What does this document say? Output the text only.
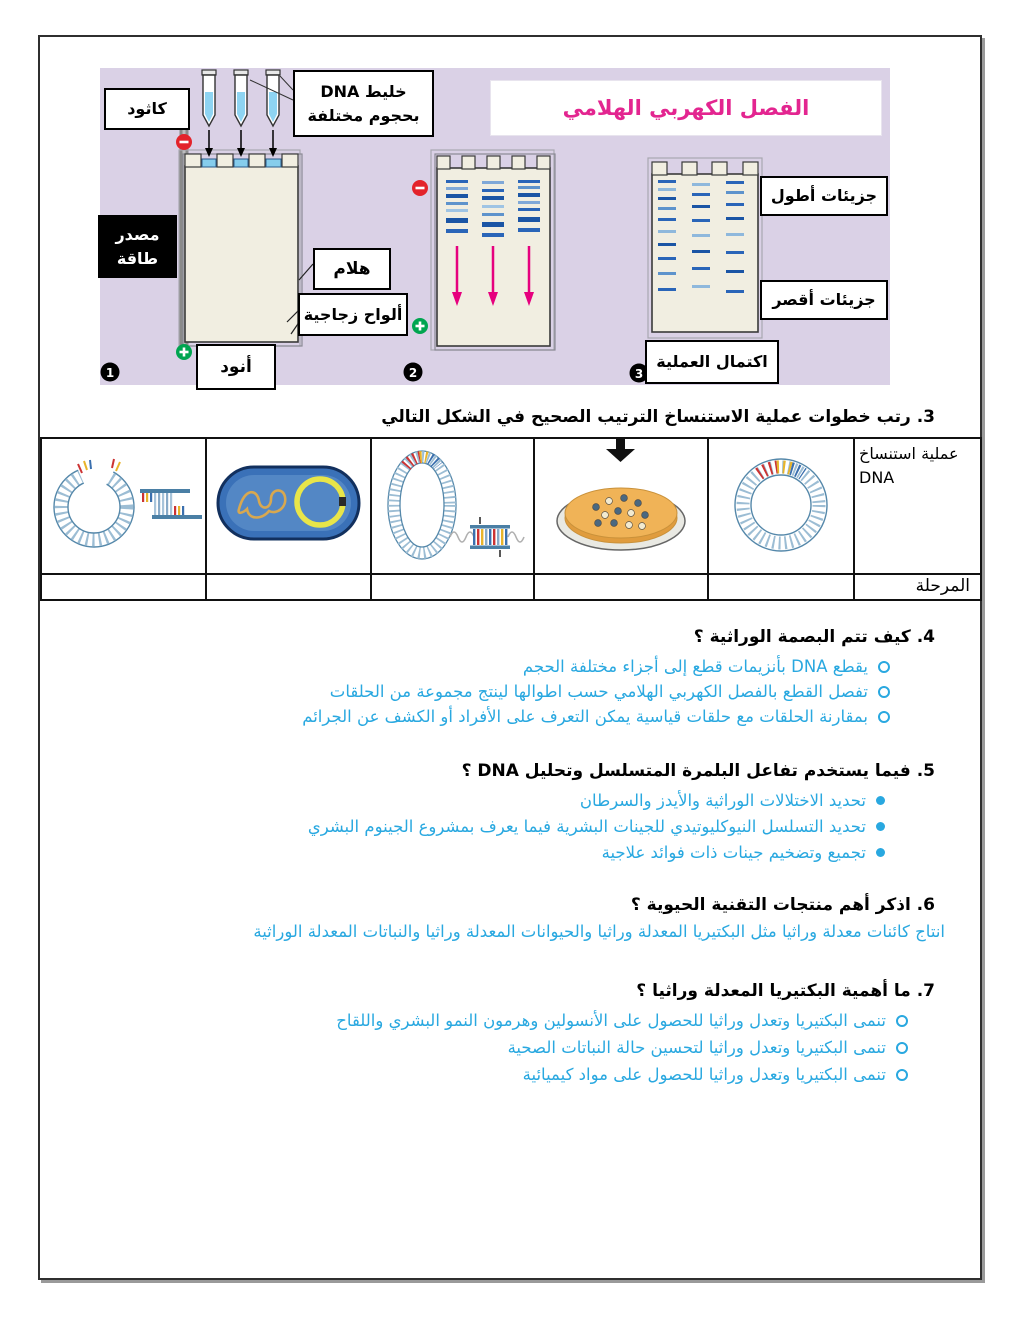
1	2	3
الفصل الكهربي الهلامي
كاثود
خليط DNA
بحجوم مختلفة
مصدر
طاقة
هلام
ألواح زجاجية
أنود
جزيئات أطول
جزيئات أقصر
اكتمال العملية
3. رتب خطوات عملية الاستنساخ الترتيب الصحيح في الشكل التالي
عملية استنساخ DNA

المرحلة					

4. كيف تتم البصمة الوراثية ؟
يقطع DNA بأنزيمات قطع إلى أجزاء مختلفة الحجم
تفصل القطع بالفصل الكهربي الهلامي حسب اطوالها لينتج مجموعة من الحلقات
بمقارنة الحلقات مع حلقات قياسية يمكن التعرف على الأفراد أو الكشف عن الجرائم
5. فيما يستخدم تفاعل البلمرة المتسلسل وتحليل DNA ؟
تحديد الاختلالات الوراثية والأيدز والسرطان
تحديد التسلسل النيوكليوتيدي للجينات البشرية فيما يعرف بمشروع الجينوم البشري
تجميع وتضخيم جينات ذات فوائد علاجية
6. اذكر أهم منتجات التقنية الحيوية ؟
انتاج كائنات معدلة وراثيا مثل البكتيريا المعدلة وراثيا والحيوانات المعدلة وراثيا والنباتات المعدلة الوراثية
7. ما أهمية البكتيريا المعدلة وراثيا ؟
تنمى البكتيريا وتعدل وراثيا للحصول على الأنسولين وهرمون النمو البشري واللقاح
تنمى البكتيريا وتعدل وراثيا لتحسين حالة النباتات الصحية
تنمى البكتيريا وتعدل وراثيا للحصول على مواد كيميائية
